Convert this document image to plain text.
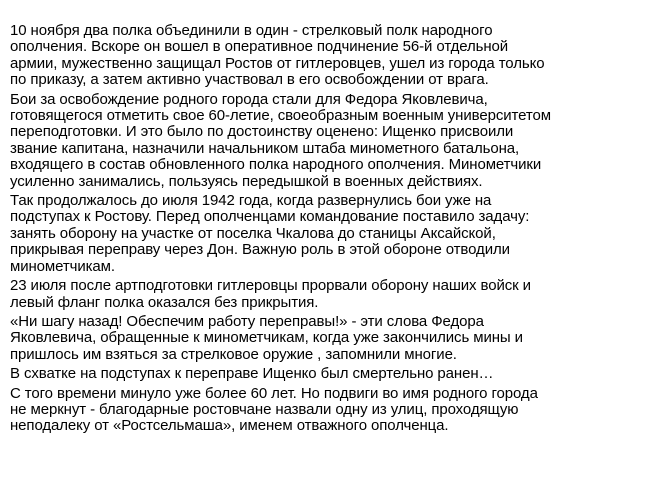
10 ноября два полка объединили в один - стрелковый полк народного
ополчения. Вскоре он вошел в оперативное подчинение 56-й отдельной
армии, мужественно защищал Ростов от гитлеровцев, ушел из города только
по приказу, а затем активно участвовал в его освобождении от врага.

Бои за освобождение родного города стали для Федора Яковлевича,
готовящегося отметить свое 60-летие, своеобразным военным университетом
переподготовки. И это было по достоинству оценено: Ищенко присвоили
звание капитана, назначили начальником штаба минометного батальона,
входящего в состав обновленного полка народного ополчения. Минометчики
усиленно занимались, пользуясь передышкой в военных действиях.

Так продолжалось до июля 1942 года, когда развернулись бои уже на
подступах к Ростову. Перед ополченцами командование поставило задачу:
занять оборону на участке от поселка Чкалова до станицы Аксайской,
прикрывая переправу через Дон. Важную роль в этой обороне отводили
минометчикам.

23 июля после артподготовки гитлеровцы прорвали оборону наших войск и
левый фланг полка оказался без прикрытия.

«Ни шагу назад! Обеспечим работу переправы!» - эти слова Федора
Яковлевича, обращенные к минометчикам, когда уже закончились мины и
пришлось им взяться за стрелковое оружие , запомнили многие.

В схватке на подступах к переправе Ищенко был смертельно ранен…

С того времени минуло уже более 60 лет. Но подвиги во имя родного города
не меркнут - благодарные ростовчане назвали одну из улиц, проходящую
неподалеку от «Ростсельмаша», именем отважного ополченца.
